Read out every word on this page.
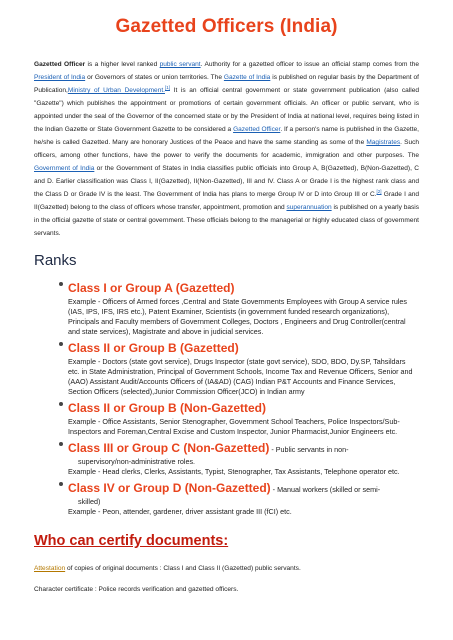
Gazetted Officers (India)

Gazetted Officer is a higher level ranked public servant. Authority for a gazetted officer to issue an official stamp comes from the President of India or Governors of states or union territories. The Gazette of India is published on regular basis by the Department of Publication,Ministry of Urban Development.[1] It is an official central government or state government publication (also called "Gazette") which publishes the appointment or promotions of certain government officials. An officer or public servant, who is appointed under the seal of the Governor of the concerned state or by the President of India at national level, requires being listed in the Indian Gazette or State Government Gazette to be considered a Gazetted Officer. If a person's name is published in the Gazette, he/she is called Gazetted. Many are honorary Justices of the Peace and have the same standing as some of the Magistrates. Such officers, among other functions, have the power to verify the documents for academic, immigration and other purposes. The Government of India or the Government of States in India classifies public officials into Group A, B(Gazetted), B(Non-Gazetted), C and D. Earlier classification was Class I, II(Gazetted), II(Non-Gazetted), III and IV. Class A or Grade I is the highest rank class and the Class D or Grade IV is the least. The Government of India has plans to merge Group IV or D into Group III or C.[2] Grade I and II(Gazetted) belong to the class of officers whose transfer, appointment, promotion and superannuation is published on a yearly basis in the official gazette of state or central government. These officials belong to the managerial or highly educated class of government servants.

Ranks
Class I or Group A (Gazetted)
Example - Officers of Armed forces ,Central and State Governments Employees with Group A service rules (IAS, IPS, IFS, IRS etc.), Patent Examiner, Scientists (in government funded research organizations), Principals and Faculty members of Government Colleges, Doctors , Engineers and Drug Controller(central and state services), Magistrate and above in judicial services.
Class II or Group B (Gazetted)
Example - Doctors (state govt service), Drugs Inspector (state govt service), SDO, BDO, Dy.SP, Tahsildars etc. in State Administration, Principal of Government Schools, Income Tax and Revenue Officers, Senior and (AAO) Assistant Audit/Accounts Officers of (IA&AD) (CAG) Indian P&T Accounts and Finance Services, Section Officers (selected),Junior Commission Officer(JCO) in Indian army
Class II or Group B (Non-Gazetted)
Example - Office Assistants, Senior Stenographer, Government School Teachers, Police Inspectors/Sub-Inspectors and Foreman,Central Excise and Custom Inspector, Junior Pharmacist,Junior Engineers etc.
Class III or Group C (Non-Gazetted) - Public servants in non-
supervisory/non-administrative roles.
Example - Head clerks, Clerks, Assistants, Typist, Stenographer, Tax Assistants, Telephone operator etc.
Class IV or Group D (Non-Gazetted) - Manual workers (skilled or semi-
skilled)
Example - Peon, attender, gardener, driver assistant grade III (fCI) etc.
Who can certify documents:

Attestation of copies of original documents : Class I and Class II (Gazetted) public servants.

Character certificate : Police records verification and gazetted officers.
